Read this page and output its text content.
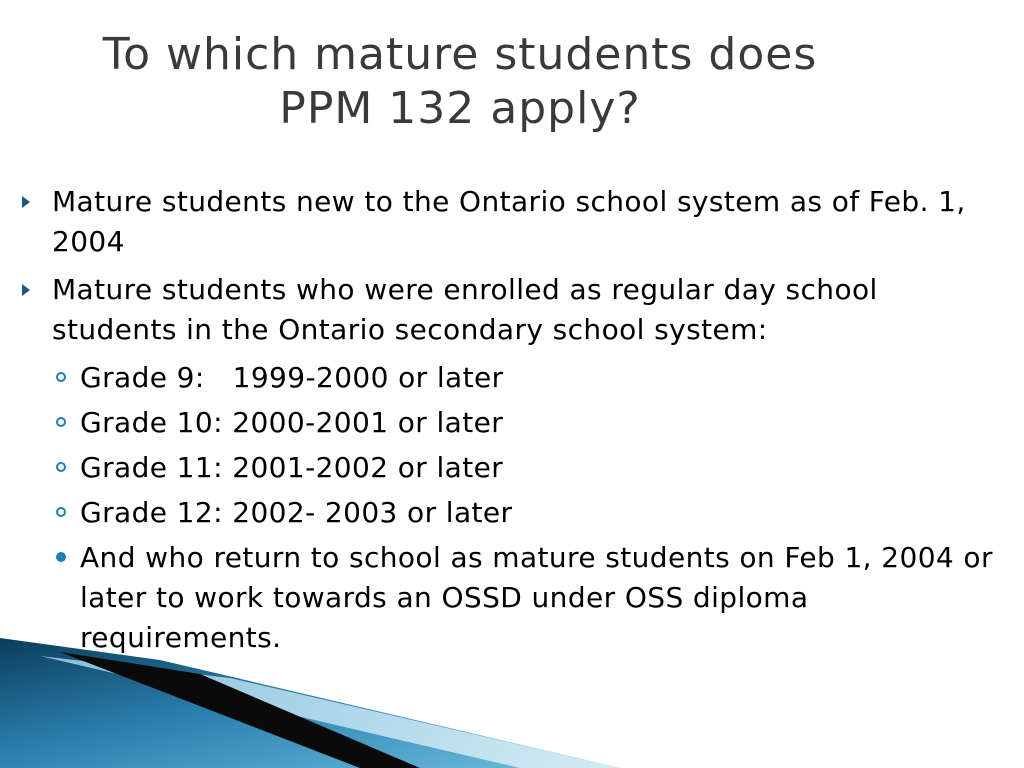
To which mature students does
PPM 132 apply?
Mature students new to the Ontario school system as of Feb. 1, 2004
Mature students who were enrolled as regular day school students in the Ontario secondary school system:
Grade 9:   1999-2000 or later
Grade 10: 2000-2001 or later
Grade 11: 2001-2002 or later
Grade 12: 2002- 2003 or later
And who return to school as mature students on Feb 1, 2004 or later to work towards an OSSD under OSS diploma requirements.
